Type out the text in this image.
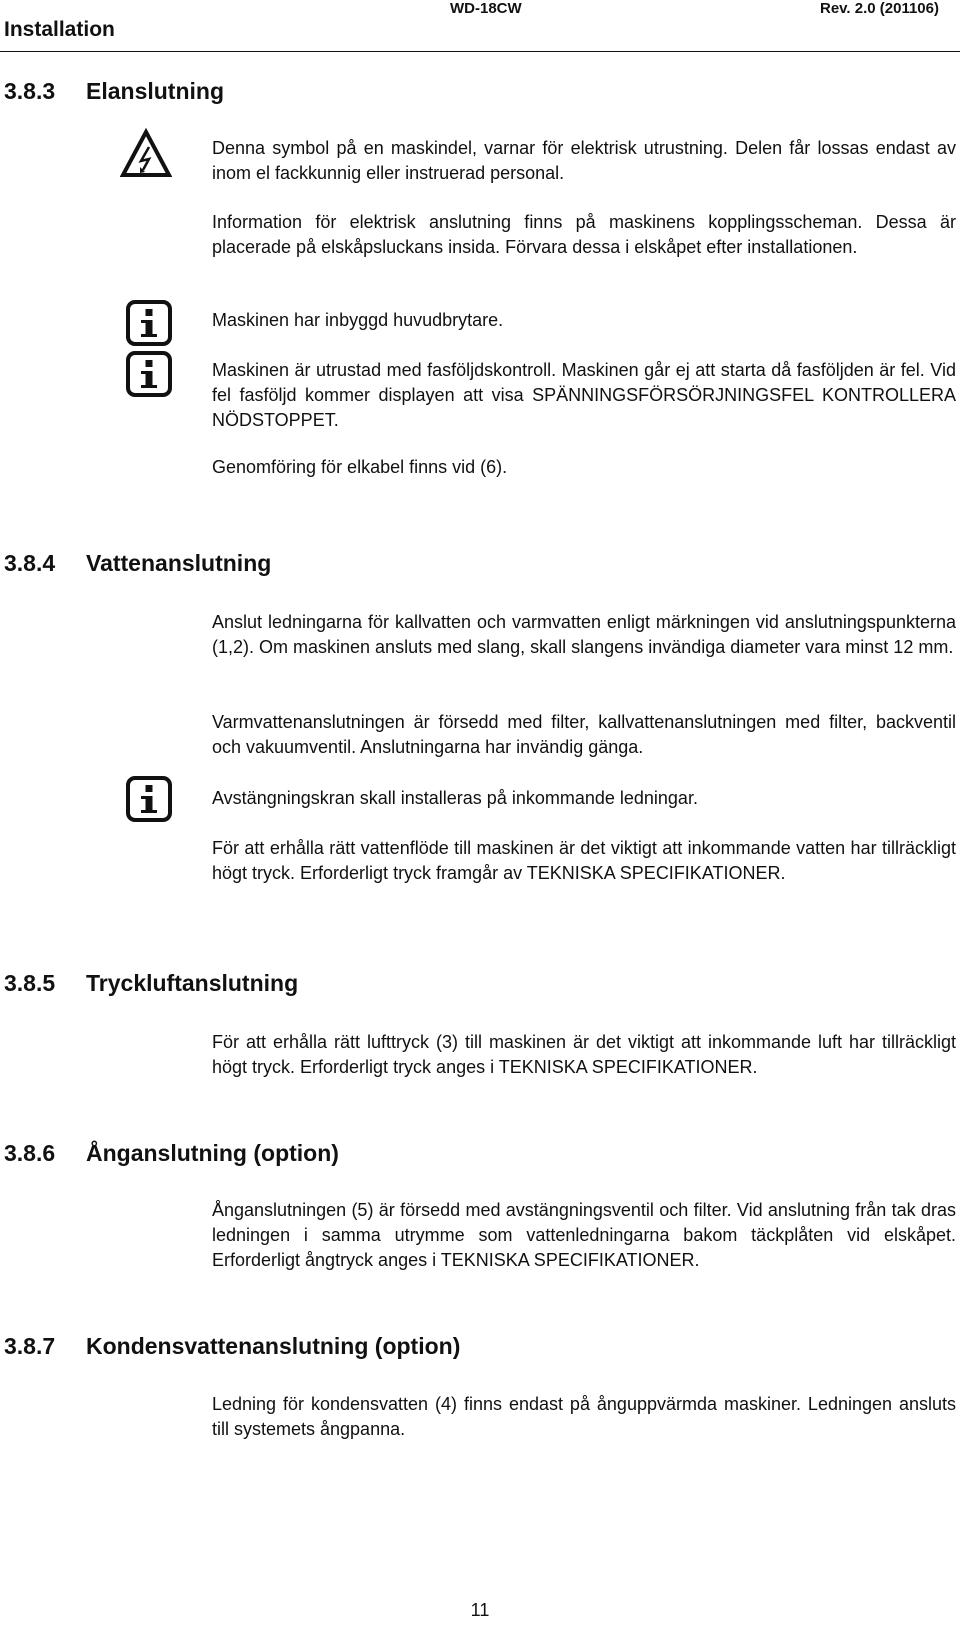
Installation
WD-18CW	Rev. 2.0 (201106)
3.8.3	Elanslutning
Denna symbol på en maskindel, varnar för elektrisk utrustning. Delen får lossas endast av inom el fackkunnig eller instruerad personal.
Information för elektrisk anslutning finns på maskinens kopplingsscheman. Dessa är placerade på elskåpsluckans insida. Förvara dessa i elskåpet efter installationen.
Maskinen har inbyggd huvudbrytare.
Maskinen är utrustad med fasföljdskontroll. Maskinen går ej att starta då fasföljden är fel. Vid fel fasföljd kommer displayen att visa SPÄNNINGSFÖRSÖRJNINGSFEL KONTROLLERA NÖDSTOPPET.
Genomföring för elkabel finns vid (6).
3.8.4	Vattenanslutning
Anslut ledningarna för kallvatten och varmvatten enligt märkningen vid anslutningspunkterna (1,2). Om maskinen ansluts med slang, skall slangens invändiga diameter vara minst 12 mm.
Varmvattenanslutningen är försedd med filter, kallvattenanslutningen med filter, backventil och vakuumventil. Anslutningarna har invändig gänga.
Avstängningskran skall installeras på inkommande ledningar.
För att erhålla rätt vattenflöde till maskinen är det viktigt att inkommande vatten har tillräckligt högt tryck. Erforderligt tryck framgår av TEKNISKA SPECIFIKATIONER.
3.8.5	Tryckluftanslutning
För att erhålla rätt lufttryck (3) till maskinen är det viktigt att inkommande luft har tillräckligt högt tryck. Erforderligt tryck anges i TEKNISKA SPECIFIKATIONER.
3.8.6	Ånganslutning (option)
Ånganslutningen (5) är försedd med avstängningsventil och filter. Vid anslutning från tak dras ledningen i samma utrymme som vattenledningarna bakom täckplåten vid elskåpet. Erforderligt ångtryck anges i TEKNISKA SPECIFIKATIONER.
3.8.7	Kondensvattenanslutning (option)
Ledning för kondensvatten (4) finns endast på ånguppvärmda maskiner. Ledningen ansluts till systemets ångpanna.
11
